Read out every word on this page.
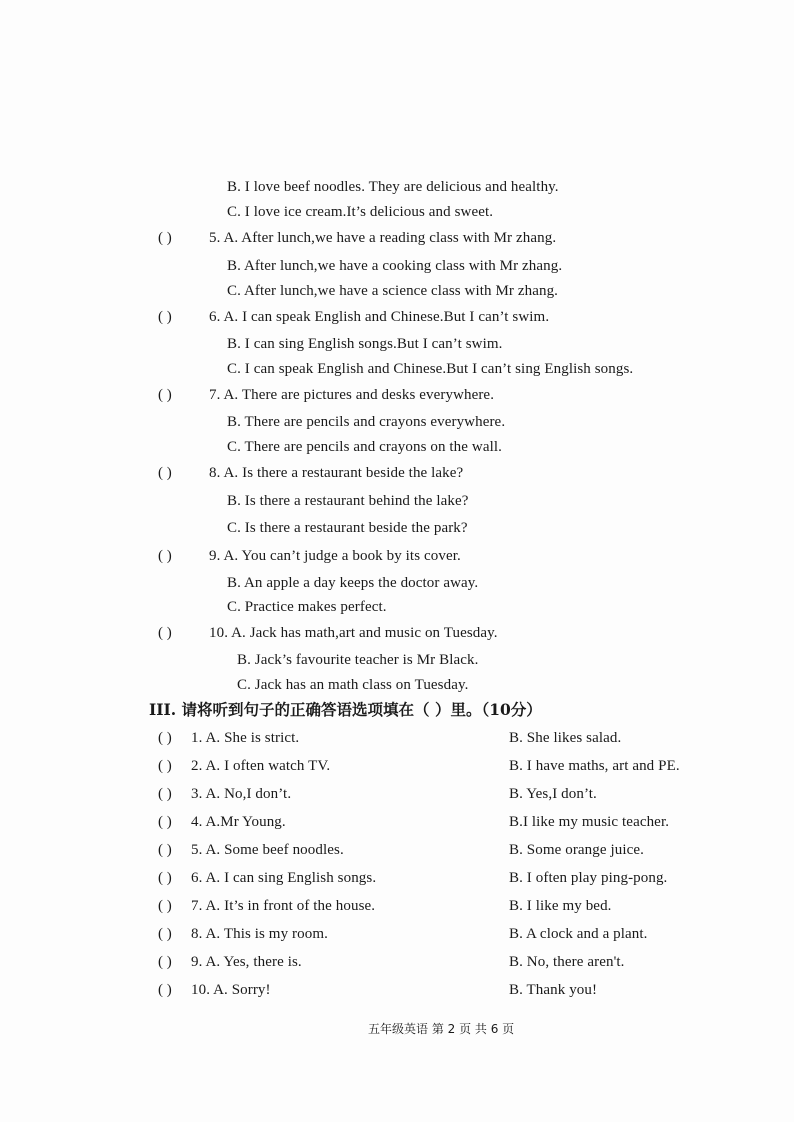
B. I love beef noodles. They are delicious and healthy.
C. I love ice cream.It’s delicious and sweet.
( ) 5. A. After lunch,we have a reading class with Mr zhang.
B. After lunch,we have a cooking class with Mr zhang.
C. After lunch,we have a science class with Mr zhang.
( ) 6. A. I can speak English and Chinese.But I can’t swim.
B. I can sing English songs.But I can’t swim.
C. I can speak English and Chinese.But I can’t sing English songs.
( ) 7. A. There are pictures and desks everywhere.
B. There are pencils and crayons everywhere.
C. There are pencils and crayons on the wall.
( ) 8. A. Is there a restaurant beside the lake?
B. Is there a restaurant behind the lake?
C. Is there a restaurant beside the park?
( ) 9. A. You can’t judge a book by its cover.
B. An apple a day keeps the doctor away.
C. Practice makes perfect.
( ) 10. A. Jack has math,art and music on Tuesday.
B. Jack’s favourite teacher is Mr Black.
C. Jack has an math class on Tuesday.
III. 请将听到句子的正确答语选项填在（ ）里。（10分）
( ) 1. A. She is strict.	B. She likes salad.
( ) 2. A. I often watch TV.	B. I have maths, art and PE.
( ) 3. A. No,I don’t.	B. Yes,I don’t.
( ) 4. A.Mr Young.	B.I like my music teacher.
( ) 5. A. Some beef noodles.	B. Some orange juice.
( ) 6. A. I can sing English songs.	B. I often play ping-pong.
( ) 7. A. It’s in front of the house.	B. I like my bed.
( ) 8. A. This is my room.	B. A clock and a plant.
( ) 9. A. Yes, there is.	B. No, there aren't.
( ) 10. A. Sorry!	B. Thank you!
五年级英语 第 2 页 共 6 页
